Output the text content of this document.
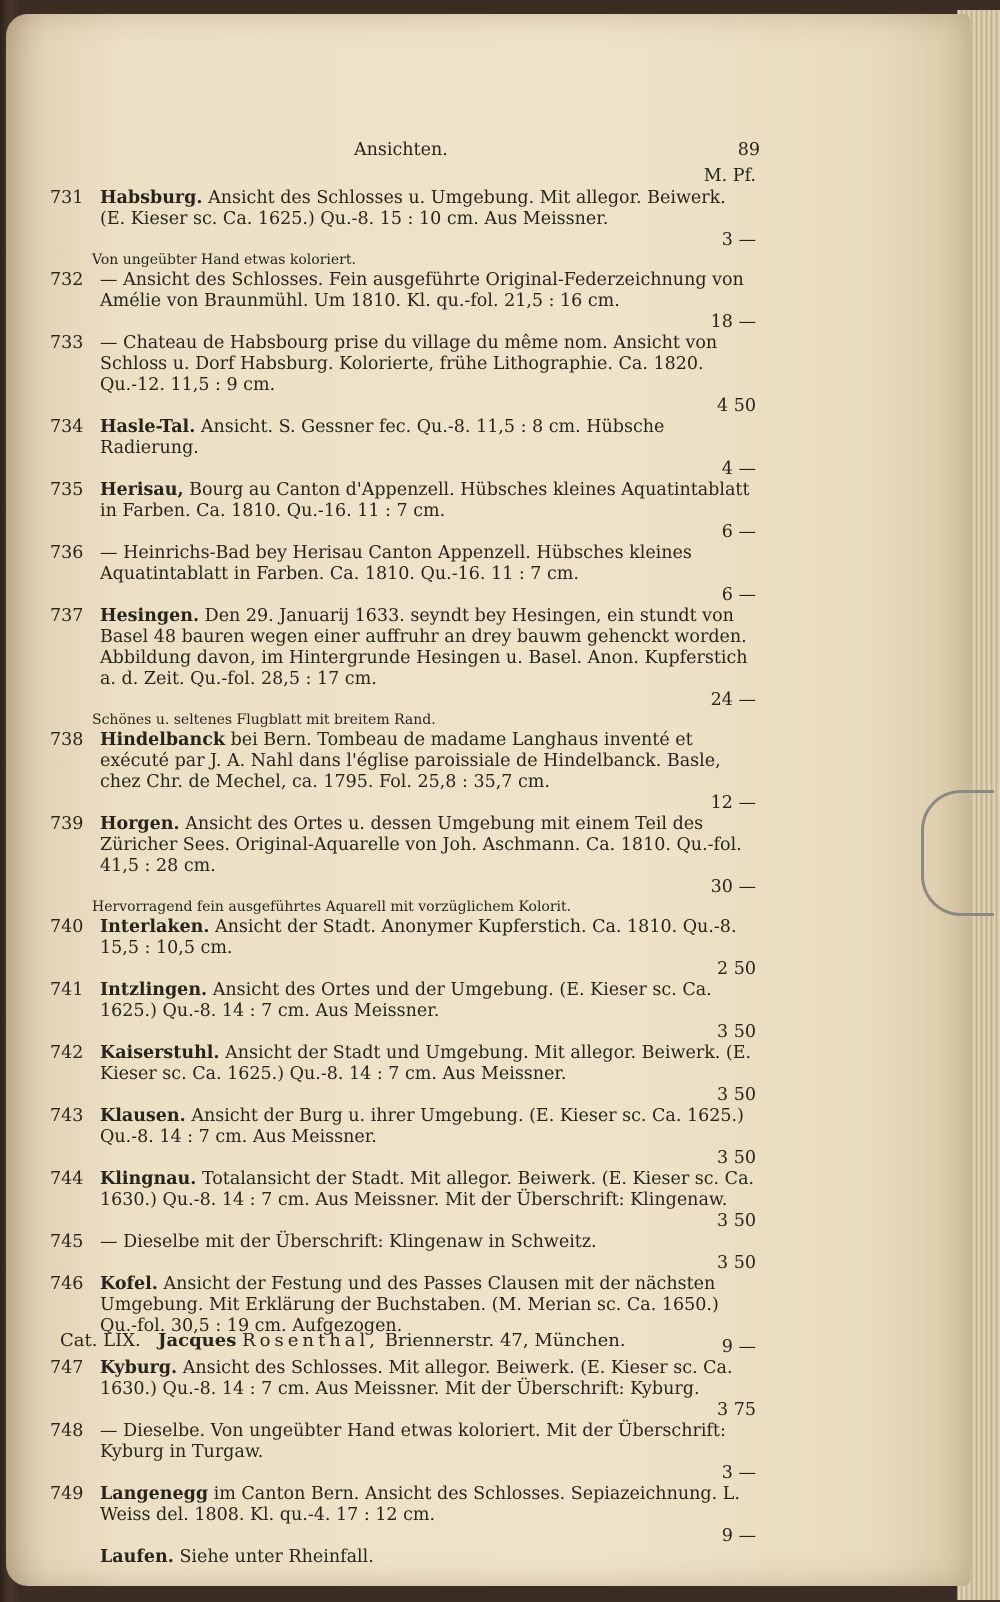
Ansichten.	89
M. Pf.
731 Habsburg. Ansicht des Schlosses u. Umgebung. Mit allegor. Beiwerk. (E. Kieser sc. Ca. 1625.) Qu.-8. 15 : 10 cm. Aus Meissner.
3 —
Von ungeübter Hand etwas koloriert.
732 — Ansicht des Schlosses. Fein ausgeführte Original-Federzeichnung von Amélie von Braunmühl. Um 1810. Kl. qu.-fol. 21,5 : 16 cm.
18 —
733 — Chateau de Habsbourg prise du village du même nom. Ansicht von Schloss u. Dorf Habsburg. Kolorierte, frühe Lithographie. Ca. 1820. Qu.-12. 11,5 : 9 cm.
4 50
734 Hasle-Tal. Ansicht. S. Gessner fec. Qu.-8. 11,5 : 8 cm. Hübsche Radierung.
4 —
735 Herisau, Bourg au Canton d'Appenzell. Hübsches kleines Aquatintablatt in Farben. Ca. 1810. Qu.-16. 11 : 7 cm.
6 —
736 — Heinrichs-Bad bey Herisau Canton Appenzell. Hübsches kleines Aquatintablatt in Farben. Ca. 1810. Qu.-16. 11 : 7 cm.
6 —
737 Hesingen. Den 29. Januarij 1633. seyndt bey Hesingen, ein stundt von Basel 48 bauren wegen einer auffruhr an drey bauwm gehenckt worden. Abbildung davon, im Hintergrunde Hesingen u. Basel. Anon. Kupferstich a. d. Zeit. Qu.-fol. 28,5 : 17 cm.
24 —
Schönes u. seltenes Flugblatt mit breitem Rand.
738 Hindelbanck bei Bern. Tombeau de madame Langhaus inventé et exécuté par J. A. Nahl dans l'église paroissiale de Hindelbanck. Basle, chez Chr. de Mechel, ca. 1795. Fol. 25,8 : 35,7 cm.
12 —
739 Horgen. Ansicht des Ortes u. dessen Umgebung mit einem Teil des Züricher Sees. Original-Aquarelle von Joh. Aschmann. Ca. 1810. Qu.-fol. 41,5 : 28 cm.
30 —
Hervorragend fein ausgeführtes Aquarell mit vorzüglichem Kolorit.
740 Interlaken. Ansicht der Stadt. Anonymer Kupferstich. Ca. 1810. Qu.-8. 15,5 : 10,5 cm.
2 50
741 Intzlingen. Ansicht des Ortes und der Umgebung. (E. Kieser sc. Ca. 1625.) Qu.-8. 14 : 7 cm. Aus Meissner.
3 50
742 Kaiserstuhl. Ansicht der Stadt und Umgebung. Mit allegor. Beiwerk. (E. Kieser sc. Ca. 1625.) Qu.-8. 14 : 7 cm. Aus Meissner.
3 50
743 Klausen. Ansicht der Burg u. ihrer Umgebung. (E. Kieser sc. Ca. 1625.) Qu.-8. 14 : 7 cm. Aus Meissner.
3 50
744 Klingnau. Totalansicht der Stadt. Mit allegor. Beiwerk. (E. Kieser sc. Ca. 1630.) Qu.-8. 14 : 7 cm. Aus Meissner. Mit der Überschrift: Klingenaw.
3 50
745 — Dieselbe mit der Überschrift: Klingenaw in Schweitz.
3 50
746 Kofel. Ansicht der Festung und des Passes Clausen mit der nächsten Umgebung. Mit Erklärung der Buchstaben. (M. Merian sc. Ca. 1650.) Qu.-fol. 30,5 : 19 cm. Aufgezogen.
9 —
747 Kyburg. Ansicht des Schlosses. Mit allegor. Beiwerk. (E. Kieser sc. Ca. 1630.) Qu.-8. 14 : 7 cm. Aus Meissner. Mit der Überschrift: Kyburg.
3 75
748 — Dieselbe. Von ungeübter Hand etwas koloriert. Mit der Überschrift: Kyburg in Turgaw.
3 —
749 Langenegg im Canton Bern. Ansicht des Schlosses. Sepiazeichnung. L. Weiss del. 1808. Kl. qu.-4. 17 : 12 cm.
9 —
Laufen. Siehe unter Rheinfall.
Cat. LIX. Jacques Rosenthal, Briennerstr. 47, München.
